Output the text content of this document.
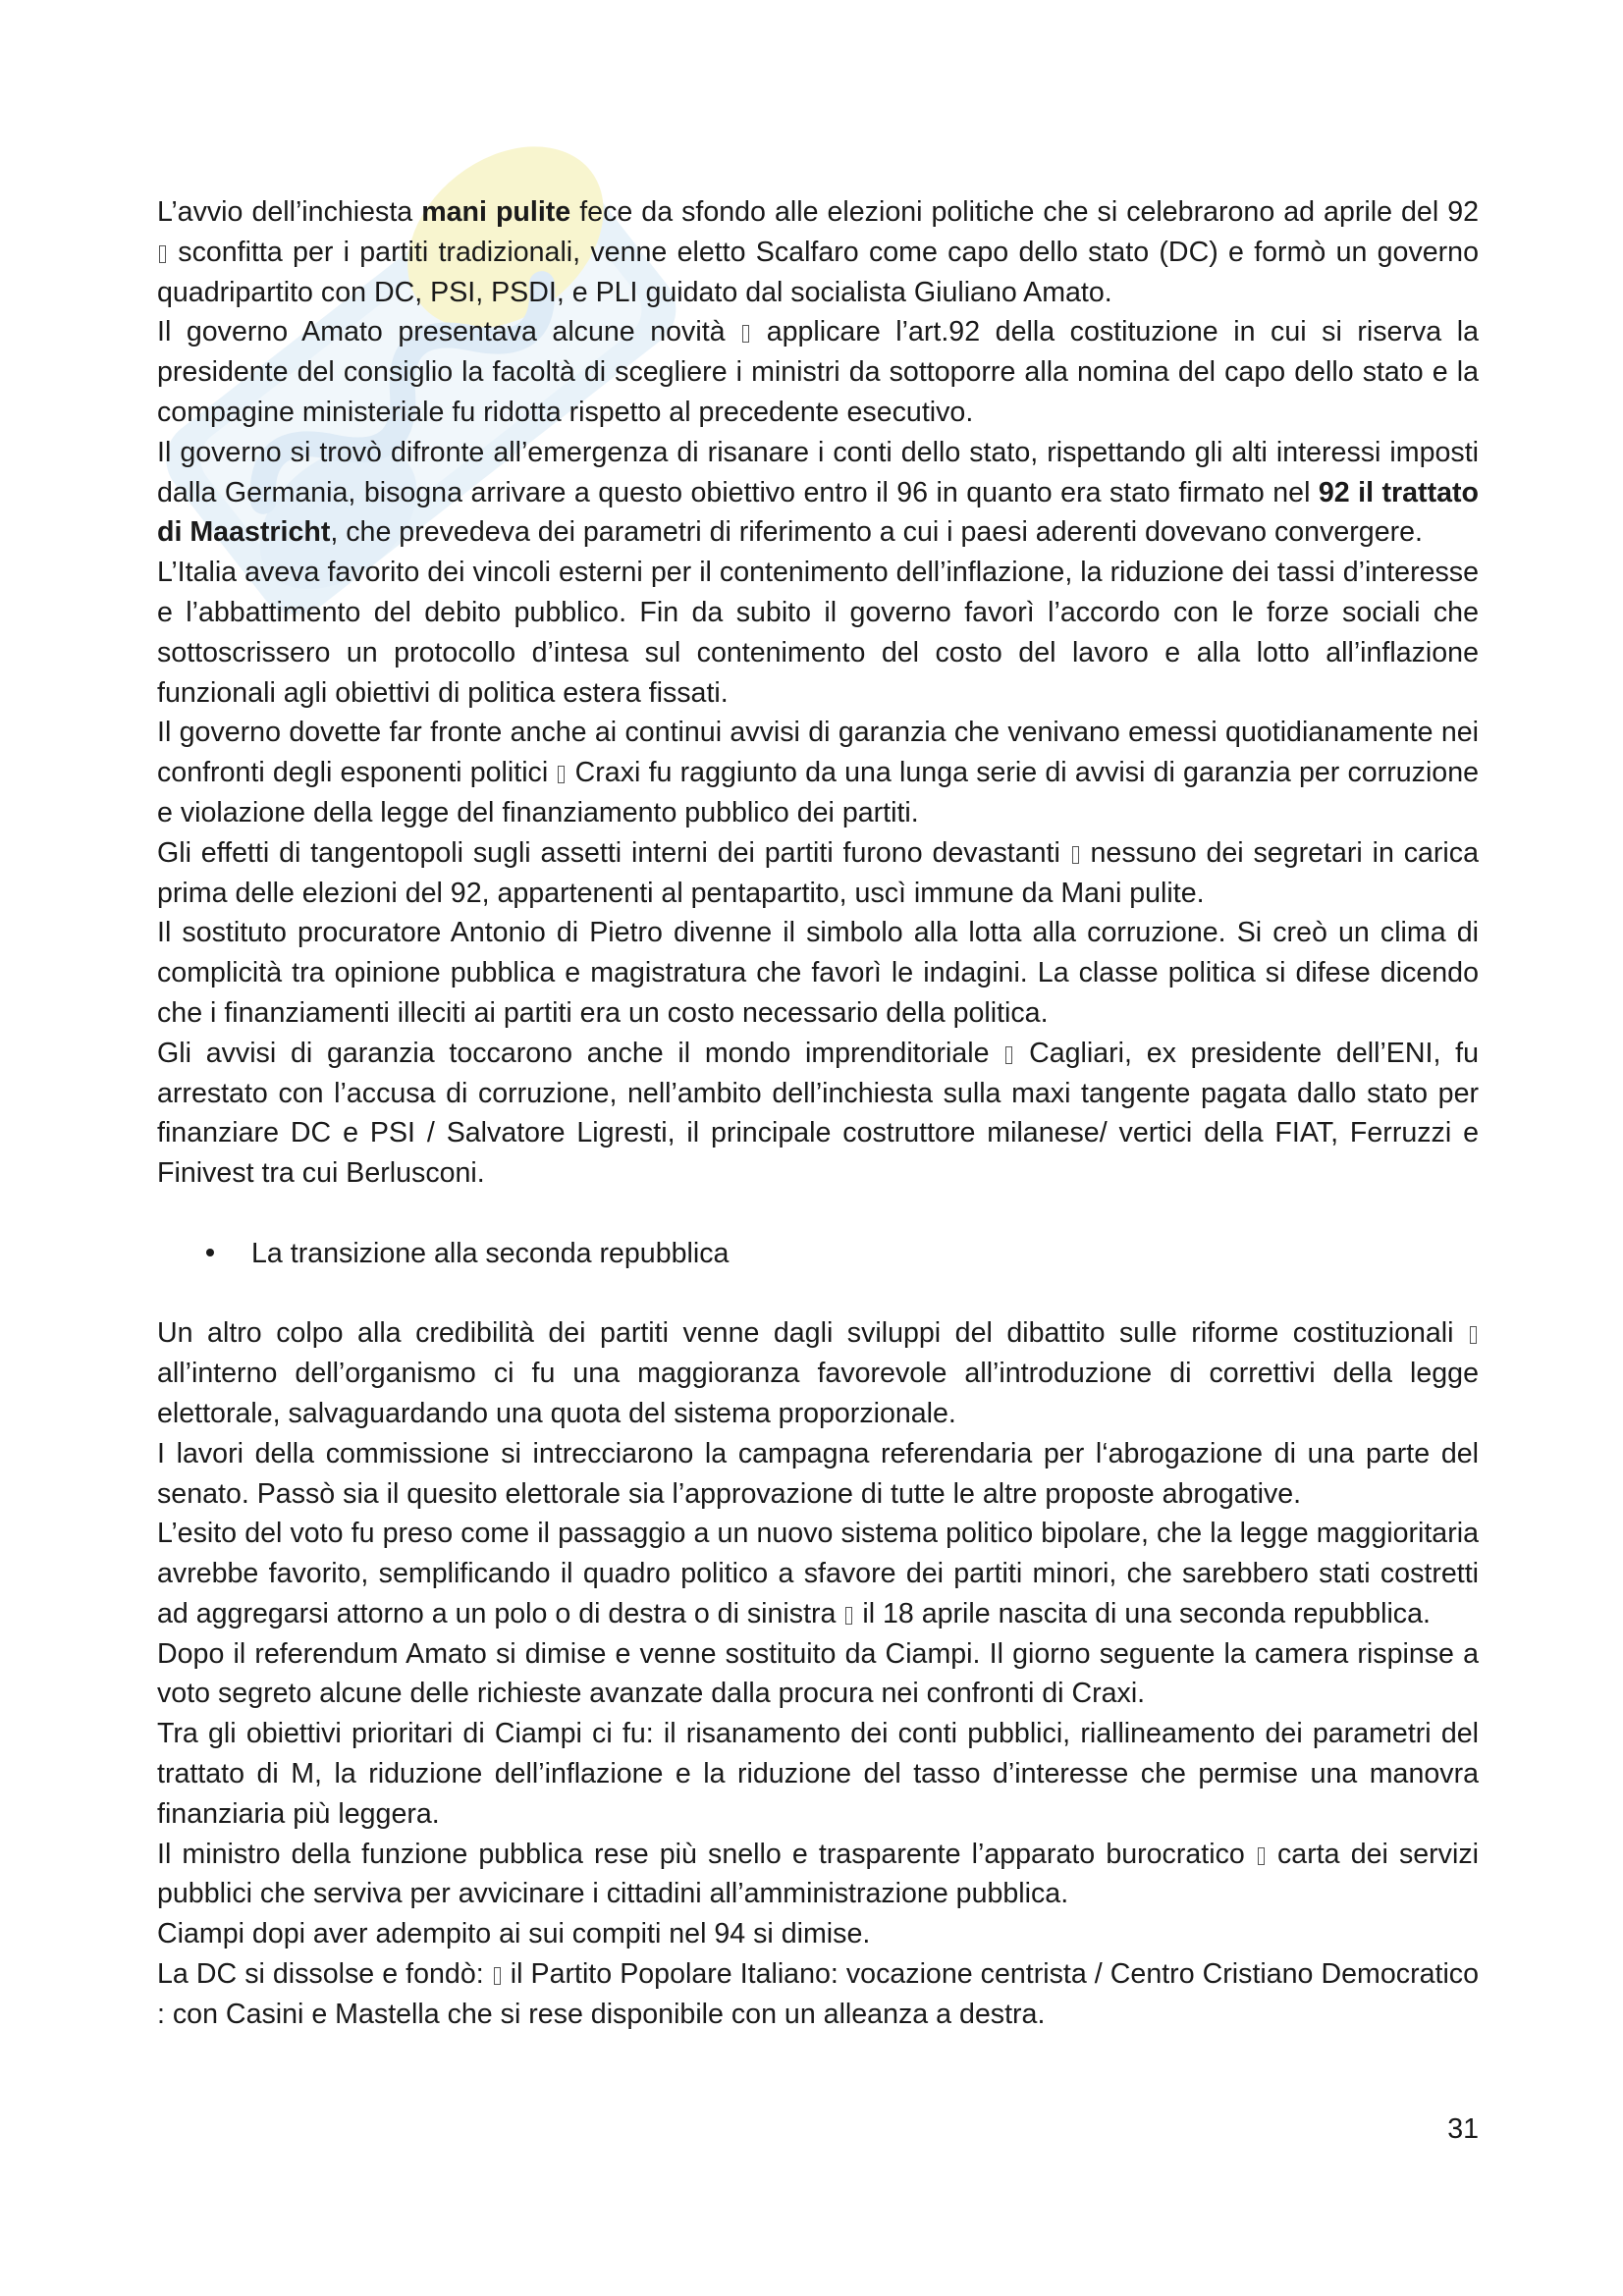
L’avvio dell’inchiesta mani pulite fece da sfondo alle elezioni politiche che si celebrarono ad aprile del 92  sconfitta per i partiti tradizionali, venne eletto Scalfaro come capo dello stato (DC) e formò un governo quadripartito con DC, PSI, PSDI, e PLI guidato dal socialista Giuliano Amato.

Il governo Amato presentava alcune novità  applicare l’art.92 della costituzione in cui si riserva la presidente del consiglio la facoltà di scegliere i ministri da sottoporre alla nomina del capo dello stato e la compagine ministeriale fu ridotta rispetto al precedente esecutivo.

Il governo si trovò difronte all’emergenza di risanare i conti dello stato, rispettando gli alti interessi imposti dalla Germania, bisogna arrivare a questo obiettivo entro il 96 in quanto era stato firmato nel 92 il trattato di Maastricht, che prevedeva dei parametri di riferimento a cui i paesi aderenti dovevano convergere.

L’Italia aveva favorito dei vincoli esterni per il contenimento dell’inflazione, la riduzione dei tassi d’interesse e l’abbattimento del debito pubblico. Fin da subito il governo favorì l’accordo con le forze sociali che sottoscrissero un protocollo d’intesa sul contenimento del costo del lavoro e alla lotto all’inflazione funzionali agli obiettivi di politica estera fissati.

Il governo dovette far fronte anche ai continui avvisi di garanzia che venivano emessi quotidianamente nei confronti degli esponenti politici  Craxi fu raggiunto da una lunga serie di avvisi di garanzia per corruzione e violazione della legge del finanziamento pubblico dei partiti.

Gli effetti di tangentopoli sugli assetti interni dei partiti furono devastanti  nessuno dei segretari in carica prima delle elezioni del 92, appartenenti al pentapartito, uscì immune da Mani pulite.

Il sostituto procuratore Antonio di Pietro divenne il simbolo alla lotta alla corruzione. Si creò un clima di complicità tra opinione pubblica e magistratura che favorì le indagini. La classe politica si difese dicendo che i finanziamenti illeciti ai partiti era un costo necessario della politica.

Gli avvisi di garanzia toccarono anche il mondo imprenditoriale  Cagliari, ex presidente dell’ENI, fu arrestato con l’accusa di corruzione, nell’ambito dell’inchiesta sulla maxi tangente pagata dallo stato per finanziare DC e PSI / Salvatore Ligresti, il principale costruttore milanese/ vertici della FIAT, Ferruzzi e Finivest tra cui Berlusconi.

La transizione alla seconda repubblica

Un altro colpo alla credibilità dei partiti venne dagli sviluppi del dibattito sulle riforme costituzionali  all’interno dell’organismo ci fu una maggioranza favorevole all’introduzione di correttivi della legge elettorale, salvaguardando una quota del sistema proporzionale.

I lavori della commissione si intrecciarono la campagna referendaria per l‘abrogazione di una parte del senato. Passò sia il quesito elettorale sia l’approvazione di tutte le altre proposte abrogative.

L’esito del voto fu preso come il passaggio a un nuovo sistema politico bipolare, che la legge maggioritaria avrebbe favorito, semplificando il quadro politico a sfavore dei partiti minori, che sarebbero stati costretti ad aggregarsi attorno a un polo o di destra o di sinistra  il 18 aprile nascita di una seconda repubblica.

Dopo il referendum Amato si dimise e venne sostituito da Ciampi. Il giorno seguente la camera rispinse a voto segreto alcune delle richieste avanzate dalla procura nei confronti di Craxi.

Tra gli obiettivi prioritari di Ciampi ci fu: il risanamento dei conti pubblici, riallineamento dei parametri del trattato di M, la riduzione dell’inflazione e la riduzione del tasso d’interesse che permise una manovra finanziaria più leggera.

Il ministro della funzione pubblica rese più snello e trasparente l’apparato burocratico  carta dei servizi pubblici che serviva per avvicinare i cittadini all’amministrazione pubblica.

Ciampi dopi aver adempito ai sui compiti nel 94 si dimise.

La DC si dissolse e fondò:  il Partito Popolare Italiano: vocazione centrista / Centro Cristiano Democratico : con Casini e Mastella che si rese disponibile con un alleanza a destra.

31
